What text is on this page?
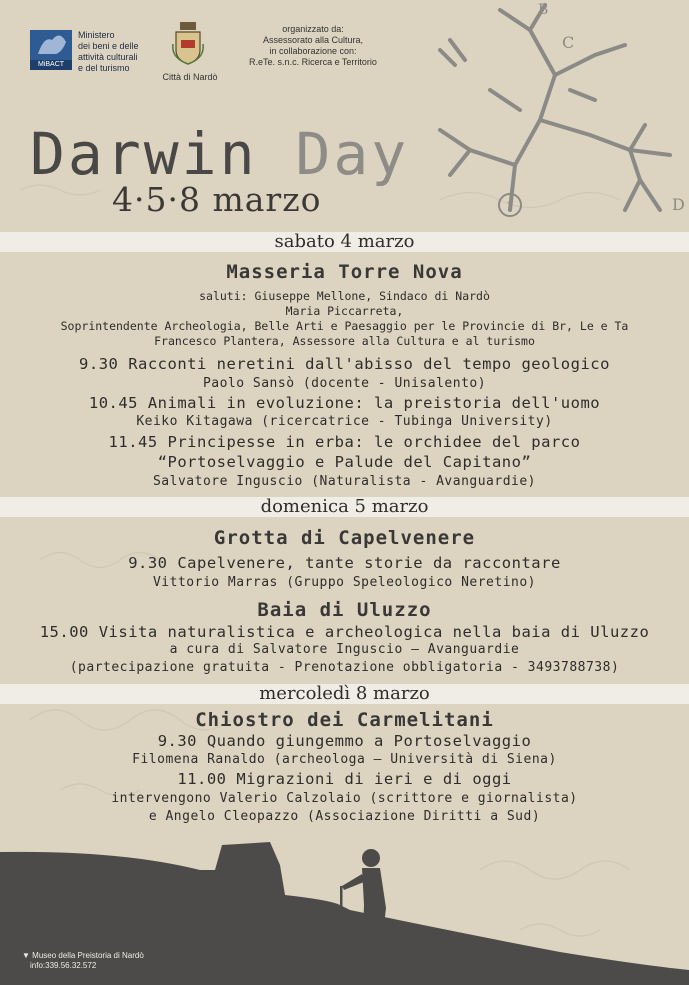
MiBACT
Ministero
dei beni e delle
attività culturali
e del turismo
Città di Nardò
organizzato da:
Assessorato alla Cultura,
in collaborazione con:
R.eTe. s.n.c. Ricerca e Territorio
1
B
C
D
Darwin Day
4·5·8 marzo
sabato 4 marzo
Masseria Torre Nova
saluti: Giuseppe Mellone, Sindaco di Nardò
Maria Piccarreta,
Soprintendente Archeologia, Belle Arti e Paesaggio per le Provincie di Br, Le e Ta
Francesco Plantera, Assessore alla Cultura e al turismo
9.30 Racconti neretini dall'abisso del tempo geologico
Paolo Sansò (docente - Unisalento)
10.45 Animali in evoluzione: la preistoria dell'uomo
Keiko Kitagawa (ricercatrice - Tubinga University)
11.45 Principesse in erba: le orchidee del parco
“Portoselvaggio e Palude del Capitano”
Salvatore Inguscio (Naturalista - Avanguardie)
domenica 5 marzo
Grotta di Capelvenere
9.30 Capelvenere, tante storie da raccontare
Vittorio Marras (Gruppo Speleologico Neretino)
Baia di Uluzzo
15.00 Visita naturalistica e archeologica nella baia di Uluzzo
a cura di Salvatore Inguscio – Avanguardie
(partecipazione gratuita - Prenotazione obbligatoria - 3493788738)
mercoledì 8 marzo
Chiostro dei Carmelitani
9.30 Quando giungemmo a Portoselvaggio
Filomena Ranaldo (archeologa – Università di Siena)
11.00 Migrazioni di ieri e di oggi
intervengono Valerio Calzolaio (scrittore e giornalista)
e Angelo Cleopazzo (Associazione Diritti a Sud)
▼ Museo della Preistoria di Nardò
info:339.56.32.572
